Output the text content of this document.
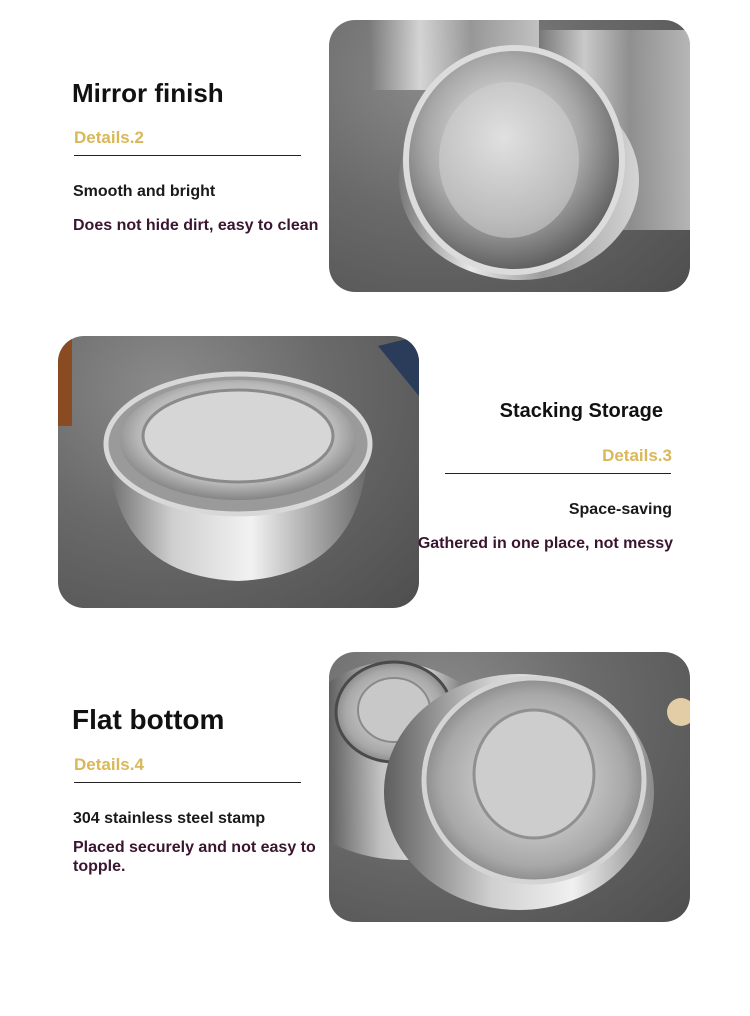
Mirror finish
Details.2
Smooth and bright
Does not hide dirt, easy to clean
Stacking Storage
Details.3
Space-saving
Gathered in one place, not messy
Flat bottom
Details.4
304 stainless steel stamp
Placed securely and not easy to topple.
